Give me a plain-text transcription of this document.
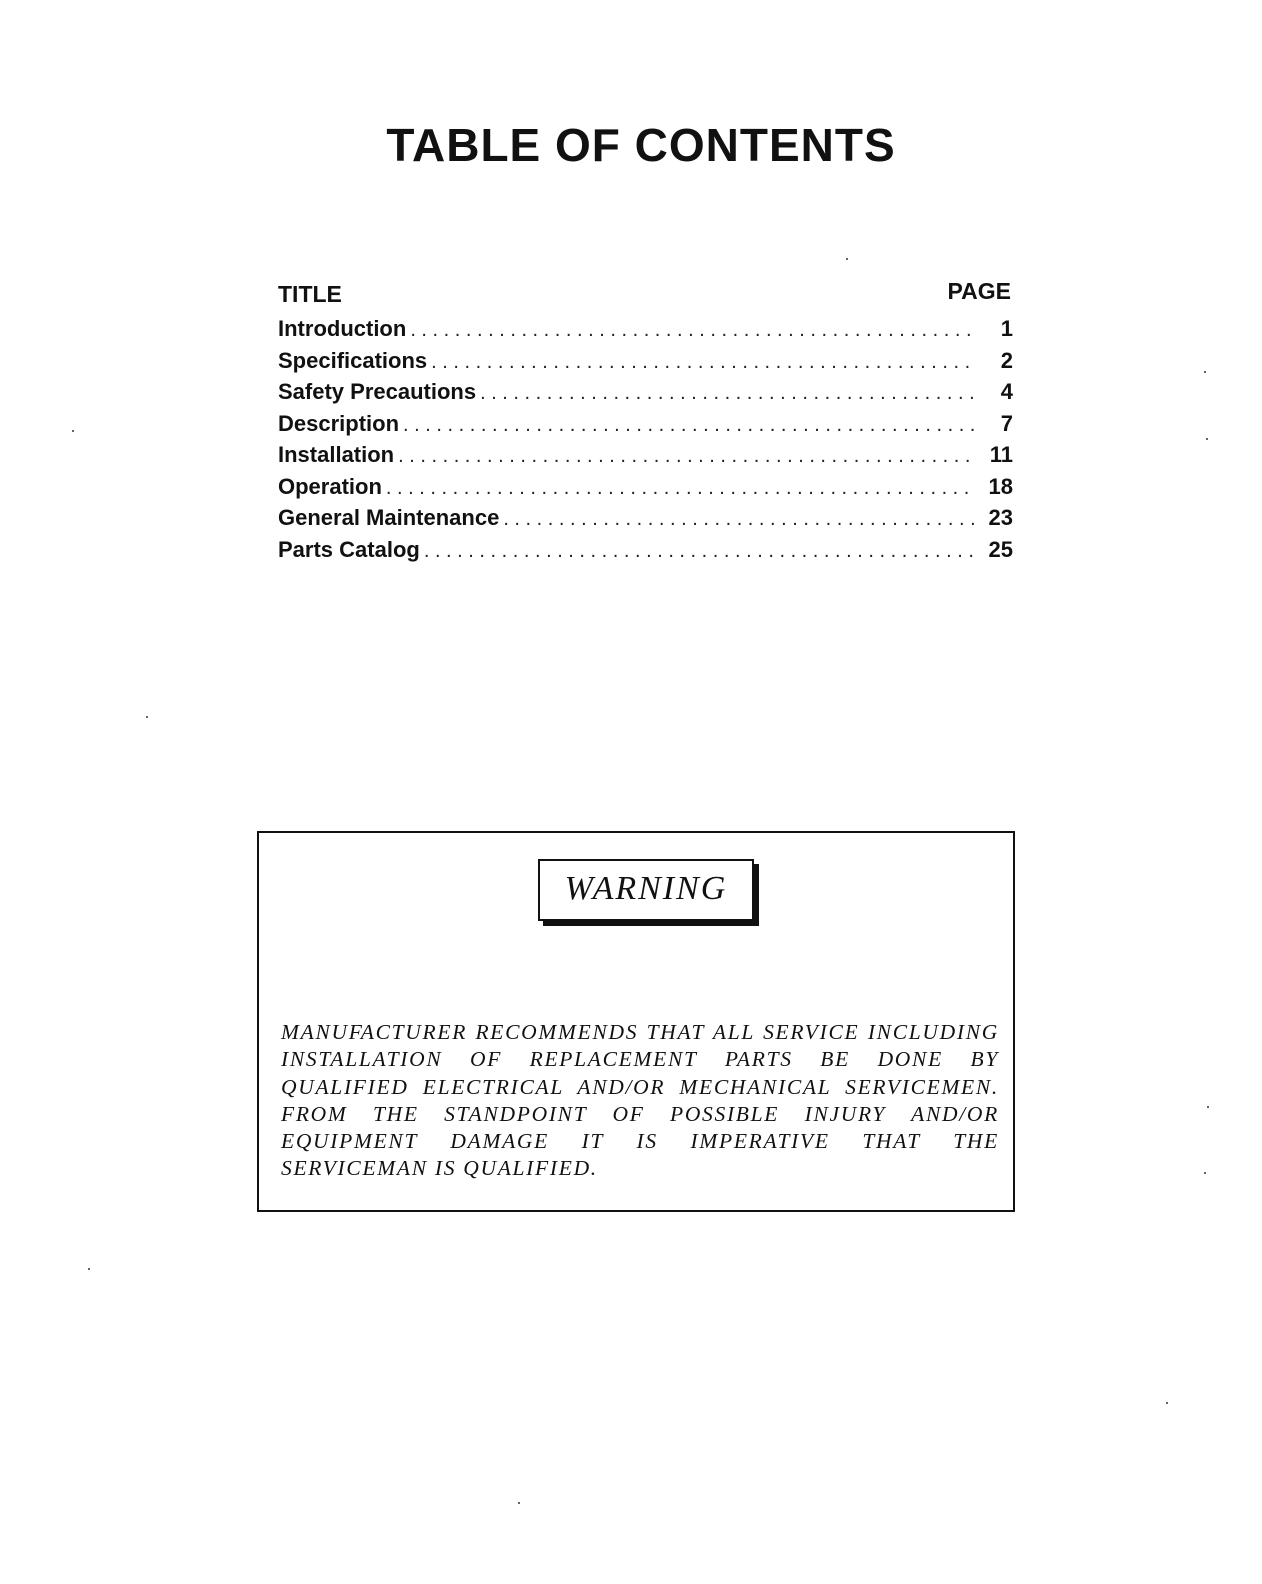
TABLE OF CONTENTS
TITLE	PAGE
Introduction . . .	1
Specifications . . .	2
Safety Precautions . . .	4
Description . . .	7
Installation . . .	11
Operation . . .	18
General Maintenance . . .	23
Parts Catalog . . .	25
WARNING

MANUFACTURER RECOMMENDS THAT ALL SERVICE INCLUDING INSTALLATION OF REPLACEMENT PARTS BE DONE BY QUALIFIED ELECTRICAL AND/OR MECHANICAL SERVICEMEN. FROM THE STANDPOINT OF POSSIBLE INJURY AND/OR EQUIPMENT DAMAGE IT IS IMPERATIVE THAT THE SERVICEMAN IS QUALIFIED.
